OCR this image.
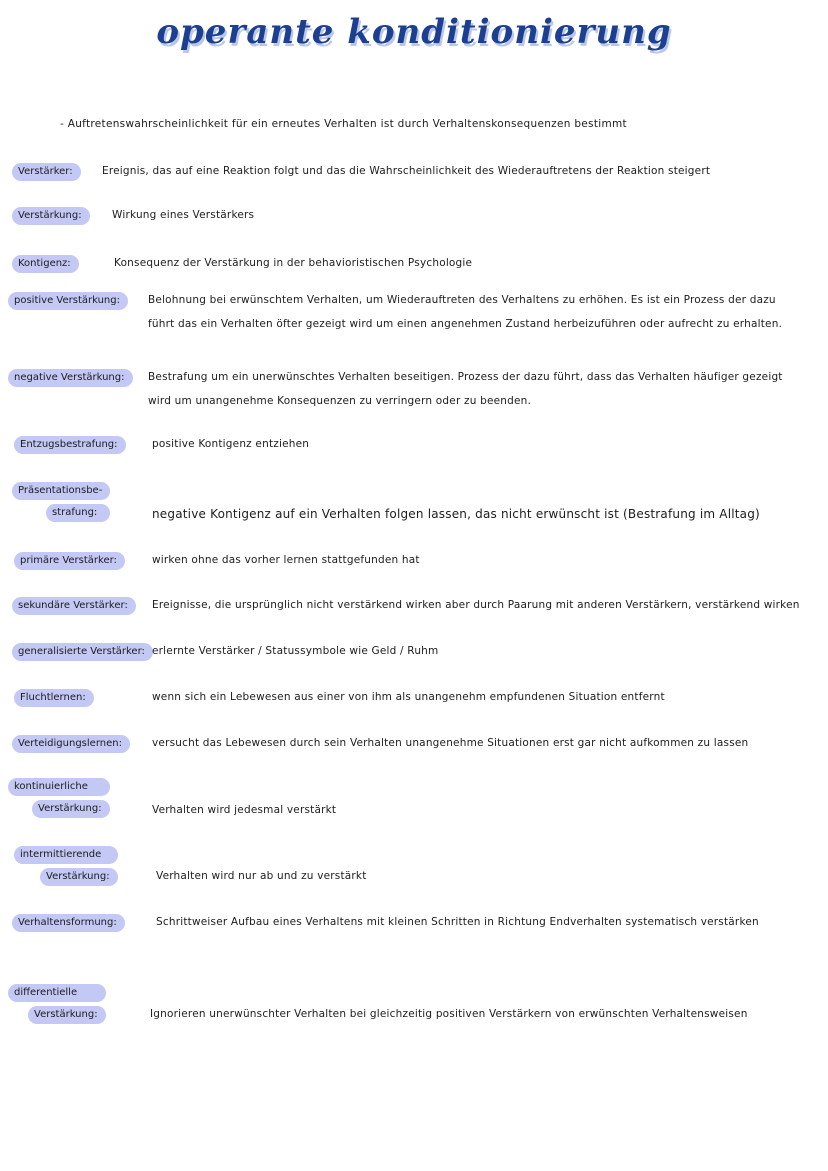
operante konditionierung
- Auftretenswahrscheinlichkeit für ein erneutes Verhalten ist durch Verhaltenskonsequenzen bestimmt
Verstärker:	Ereignis, das auf eine Reaktion folgt und das die Wahrscheinlichkeit des Wiederauftretens der Reaktion steigert
Verstärkung:	Wirkung eines Verstärkers
Kontigenz:	Konsequenz der Verstärkung in der behavioristischen Psychologie
positive Verstärkung:	Belohnung bei erwünschtem Verhalten, um Wiederauftreten des Verhaltens zu erhöhen. Es ist ein Prozess der dazu führt das ein Verhalten öfter gezeigt wird um einen angenehmen Zustand herbeizuführen oder aufrecht zu erhalten.
negative Verstärkung:	Bestrafung um ein unerwünschtes Verhalten beseitigen. Prozess der dazu führt, dass das Verhalten häufiger gezeigt wird um unangenehme Konsequenzen zu verringern oder zu beenden.
Entzugsbestrafung:	positive Kontigenz entziehen
Präsentationsbe-
strafung:	negative Kontigenz auf ein Verhalten folgen lassen, das nicht erwünscht ist (Bestrafung im Alltag)
primäre Verstärker:	wirken ohne das vorher lernen stattgefunden hat
sekundäre Verstärker:	Ereignisse, die ursprünglich nicht verstärkend wirken aber durch Paarung mit anderen Verstärkern, verstärkend wirken
generalisierte Verstärker: erlernte Verstärker / Statussymbole wie Geld / Ruhm
Fluchtlernen:	wenn sich ein Lebewesen aus einer von ihm als unangenehm empfundenen Situation entfernt
Verteidigungslernen:	versucht das Lebewesen durch sein Verhalten unangenehme Situationen erst gar nicht aufkommen zu lassen
kontinuierliche
Verstärkung:	Verhalten wird jedesmal verstärkt
intermittierende
Verstärkung:	Verhalten wird nur ab und zu verstärkt
Verhaltensformung:	Schrittweiser Aufbau eines Verhaltens mit kleinen Schritten in Richtung Endverhalten systematisch verstärken
differentielle
Verstärkung:	Ignorieren unerwünschter Verhalten bei gleichzeitig positiven Verstärkern von erwünschten Verhaltensweisen
